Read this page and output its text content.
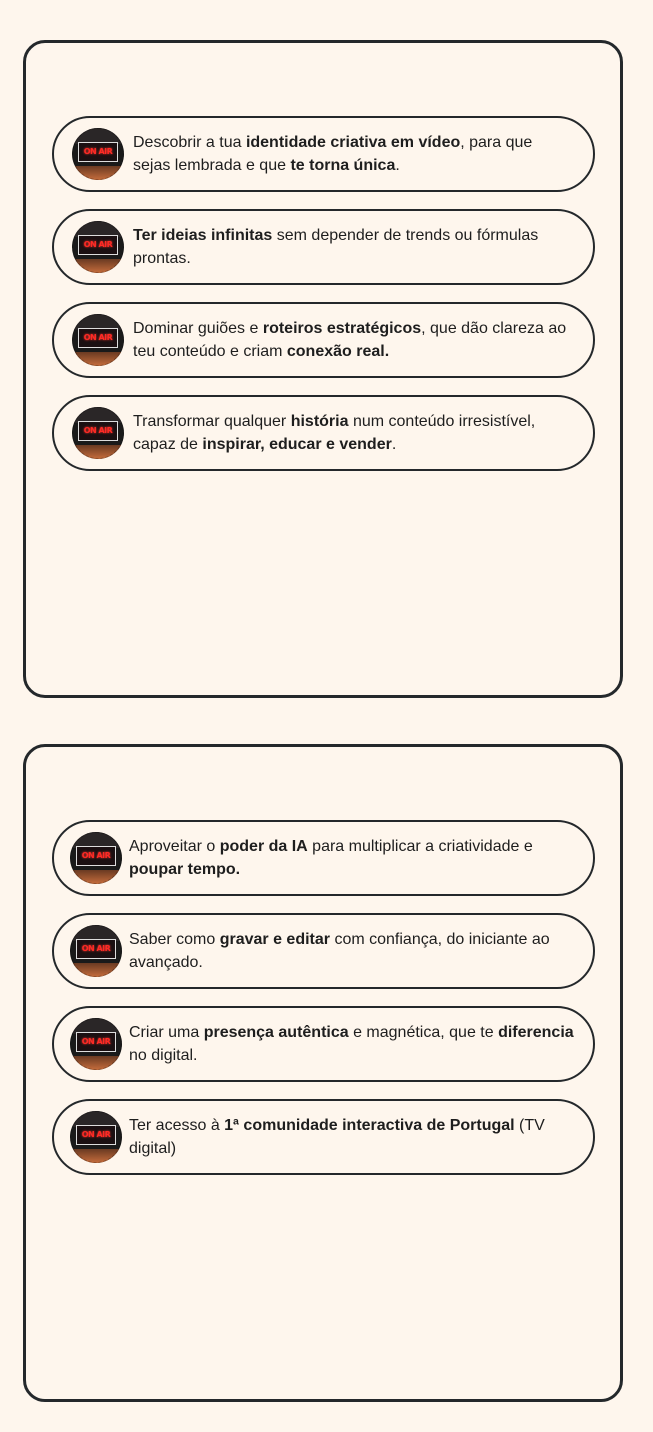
ON AIR
Descobrir a tua identidade criativa em vídeo, para que sejas lembrada e que te torna única.
ON AIR
Ter ideias infinitas sem depender de trends ou fórmulas prontas.
ON AIR
Dominar guiões e roteiros estratégicos, que dão clareza ao teu conteúdo e criam conexão real.
ON AIR
Transformar qualquer história num conteúdo irresistível, capaz de inspirar, educar e vender.
ON AIR
Aproveitar o poder da IA para multiplicar a criatividade e poupar tempo.
ON AIR
Saber como gravar e editar com confiança, do iniciante ao avançado.
ON AIR
Criar uma presença autêntica e magnética, que te diferencia no digital.
ON AIR
Ter acesso à 1ª comunidade interactiva de Portugal (TV digital)
